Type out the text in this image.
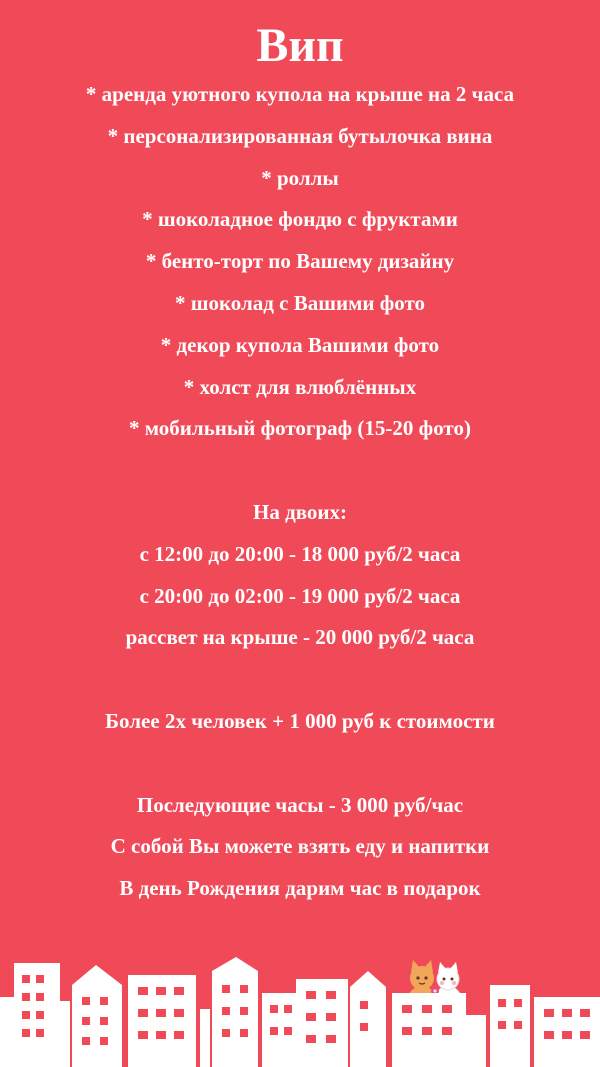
Вип
* аренда уютного купола на крыше на 2 часа
* персонализированная бутылочка вина
* роллы
* шоколадное фондю с фруктами
* бенто-торт по Вашему дизайну
* шоколад с Вашими фото
* декор купола Вашими фото
* холст для влюблённых
* мобильный фотограф (15-20 фото)
На двоих:
с 12:00 до 20:00 - 18 000 руб/2 часа
с 20:00 до 02:00 - 19 000 руб/2 часа
рассвет на крыше - 20 000 руб/2 часа
Более 2х человек + 1 000 руб к стоимости
Последующие часы - 3 000 руб/час
С собой Вы можете взять еду и напитки
В день Рождения дарим час в подарок
